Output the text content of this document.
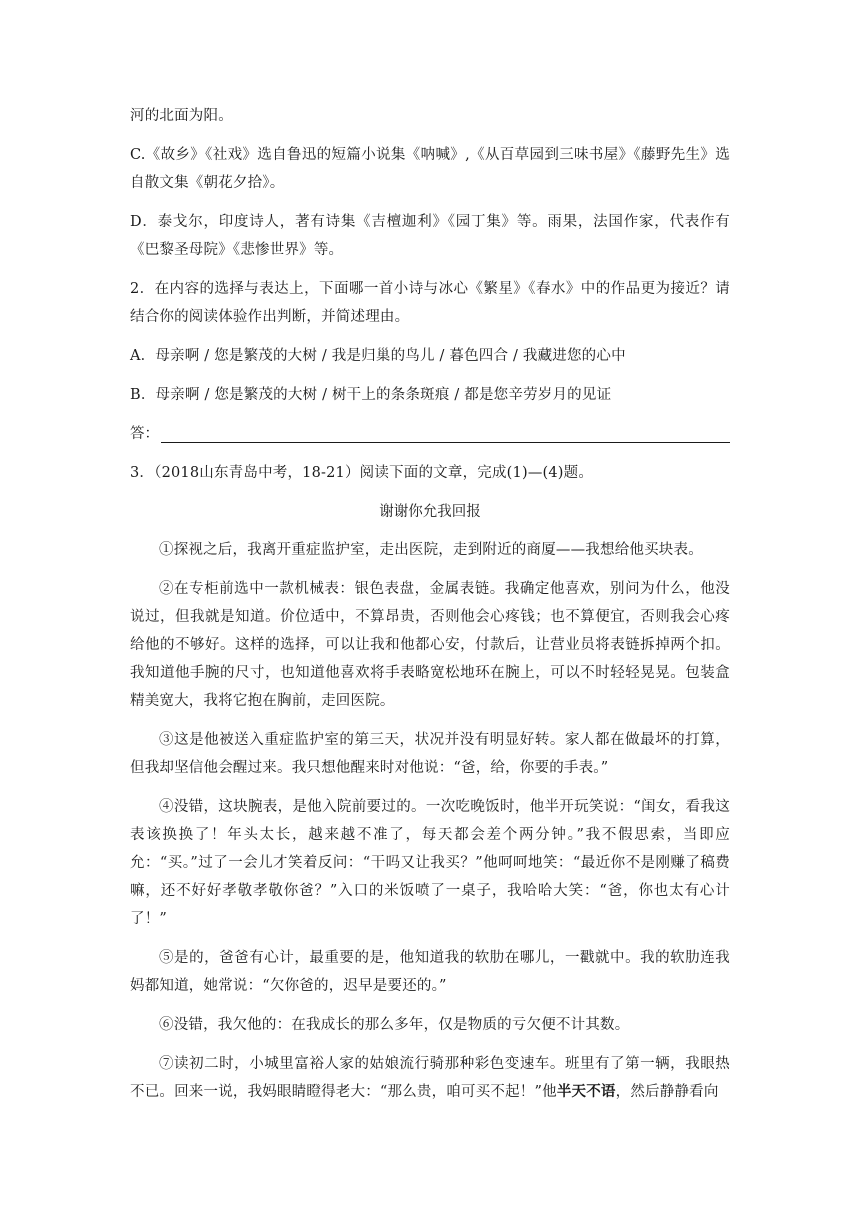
河的北面为阳。

C.《故乡》《社戏》选自鲁迅的短篇小说集《呐喊》,《从百草园到三味书屋》《藤野先生》选自散文集《朝花夕拾》。

D．泰戈尔，印度诗人，著有诗集《吉檀迦利》《园丁集》等。雨果，法国作家，代表作有《巴黎圣母院》《悲惨世界》等。

2．在内容的选择与表达上，下面哪一首小诗与冰心《繁星》《春水》中的作品更为接近？请结合你的阅读体验作出判断，并简述理由。

A．母亲啊 / 您是繁茂的大树 / 我是归巢的鸟儿 / 暮色四合 / 我藏进您的心中

B．母亲啊 / 您是繁茂的大树 / 树干上的条条斑痕 / 都是您辛劳岁月的见证

答：

3．（2018山东青岛中考，18-21）阅读下面的文章，完成(1)—(4)题。

谢谢你允我回报

①探视之后，我离开重症监护室，走出医院，走到附近的商厦——我想给他买块表。

②在专柜前选中一款机械表：银色表盘，金属表链。我确定他喜欢，别问为什么，他没说过，但我就是知道。价位适中，不算昂贵，否则他会心疼钱；也不算便宜，否则我会心疼给他的不够好。这样的选择，可以让我和他都心安，付款后，让营业员将表链拆掉两个扣。我知道他手腕的尺寸，也知道他喜欢将手表略宽松地环在腕上，可以不时轻轻晃晃。包装盒精美宽大，我将它抱在胸前，走回医院。

③这是他被送入重症监护室的第三天，状况并没有明显好转。家人都在做最坏的打算，但我却坚信他会醒过来。我只想他醒来时对他说：“爸，给，你要的手表。”

④没错，这块腕表，是他入院前要过的。一次吃晚饭时，他半开玩笑说：“闺女，看我这表该换换了！年头太长，越来越不准了，每天都会差个两分钟。”我不假思索，当即应允：“买。”过了一会儿才笑着反问：“干吗又让我买？”他呵呵地笑：“最近你不是刚赚了稿费嘛，还不好好孝敬孝敬你爸？”入口的米饭喷了一桌子，我哈哈大笑：“爸，你也太有心计了！”

⑤是的，爸爸有心计，最重要的是，他知道我的软肋在哪儿，一戳就中。我的软肋连我妈都知道，她常说：“欠你爸的，迟早是要还的。”

⑥没错，我欠他的：在我成长的那么多年，仅是物质的亏欠便不计其数。

⑦读初二时，小城里富裕人家的姑娘流行骑那种彩色变速车。班里有了第一辆，我眼热不已。回来一说，我妈眼睛瞪得老大：“那么贵，咱可买不起！”他半天不语，然后静静看向
